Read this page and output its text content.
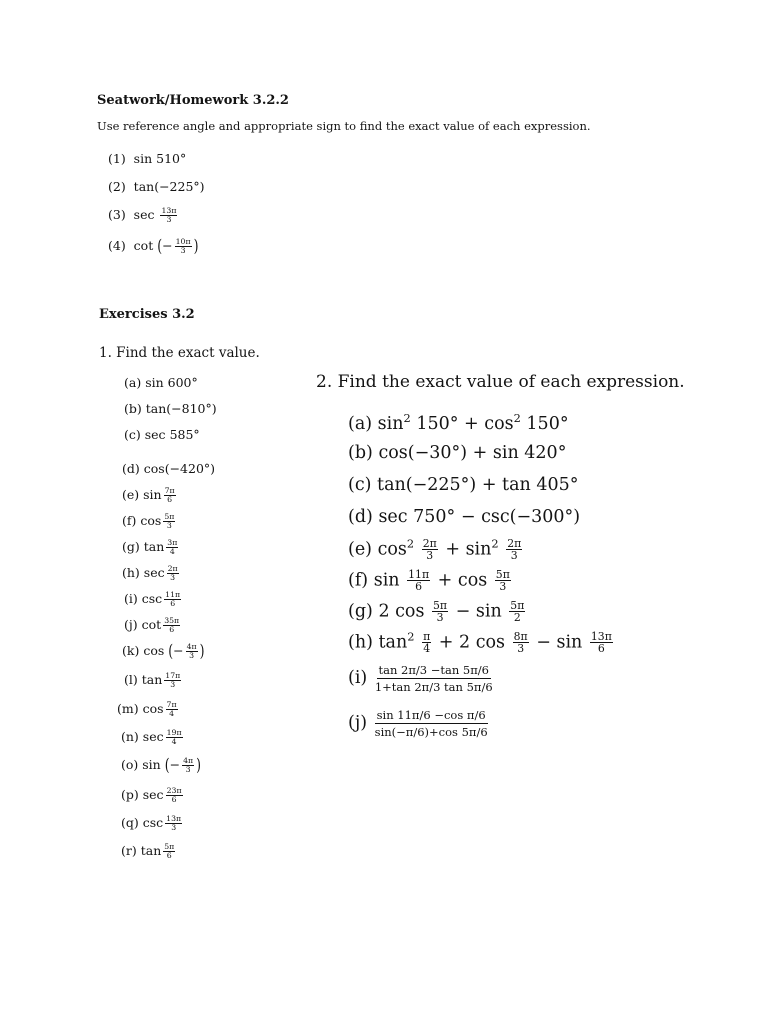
Seatwork/Homework 3.2.2
Use reference angle and appropriate sign to find the exact value of each expression.
(1) sin 510°
(2) tan(−225°)
(3) $\sec \frac{13\pi}{3}$
(4) cot (− $\frac{10\pi}{3}$ )
Exercises 3.2
1. Find the exact value.
(a) sin 600°
(b) tan(−810°)
(c) sec 585°
(d) cos(−420°)
(e) $\sin \frac{7\pi}{6}$
(f) $\cos \frac{5\pi}{3}$
(g) $\tan \frac{3\pi}{4}$
(h) $\sec \frac{2\pi}{3}$
(i) $\csc \frac{11\pi}{6}$
(j) $\cot \frac{35\pi}{6}$
(k) cos (− $\frac{4\pi}{3}$ )
(l) $\tan \frac{17\pi}{3}$
(m) $\cos \frac{7\pi}{4}$
(n) $\sec \frac{19\pi}{4}$
(o) sin (− $\frac{4\pi}{3}$ )
(p) $\sec \frac{23\pi}{6}$
(q) $\csc \frac{13\pi}{3}$
(r) $\tan \frac{5\pi}{6}$
2. Find the exact value of each expression.
(a) $\sin^2 150^\circ + \cos^2 150^\circ$
(b) cos(−30°) + sin 420°
(c) tan(−225°) + tan 405°
(d) sec 750° − csc(−300°)
(e) $\cos^2 \frac{2\pi}{3} + \sin^2 \frac{2\pi}{3}$
(f) $\sin \frac{11\pi}{6} + \cos \frac{5\pi}{3}$
(g) 2 $\cos \frac{5\pi}{3} - \sin \frac{5\pi}{2}$
(h) $\tan^2 \frac{\pi}{4} + 2$ $\cos \frac{8\pi}{3} - \sin \frac{13\pi}{6}$
(i)
tan 2π/3 −tan 5π/6
1+tan 2π/3 tan 5π/6
(j)
sin 11π/6 −cos π/6
sin(−π/6)+cos 5π/6
